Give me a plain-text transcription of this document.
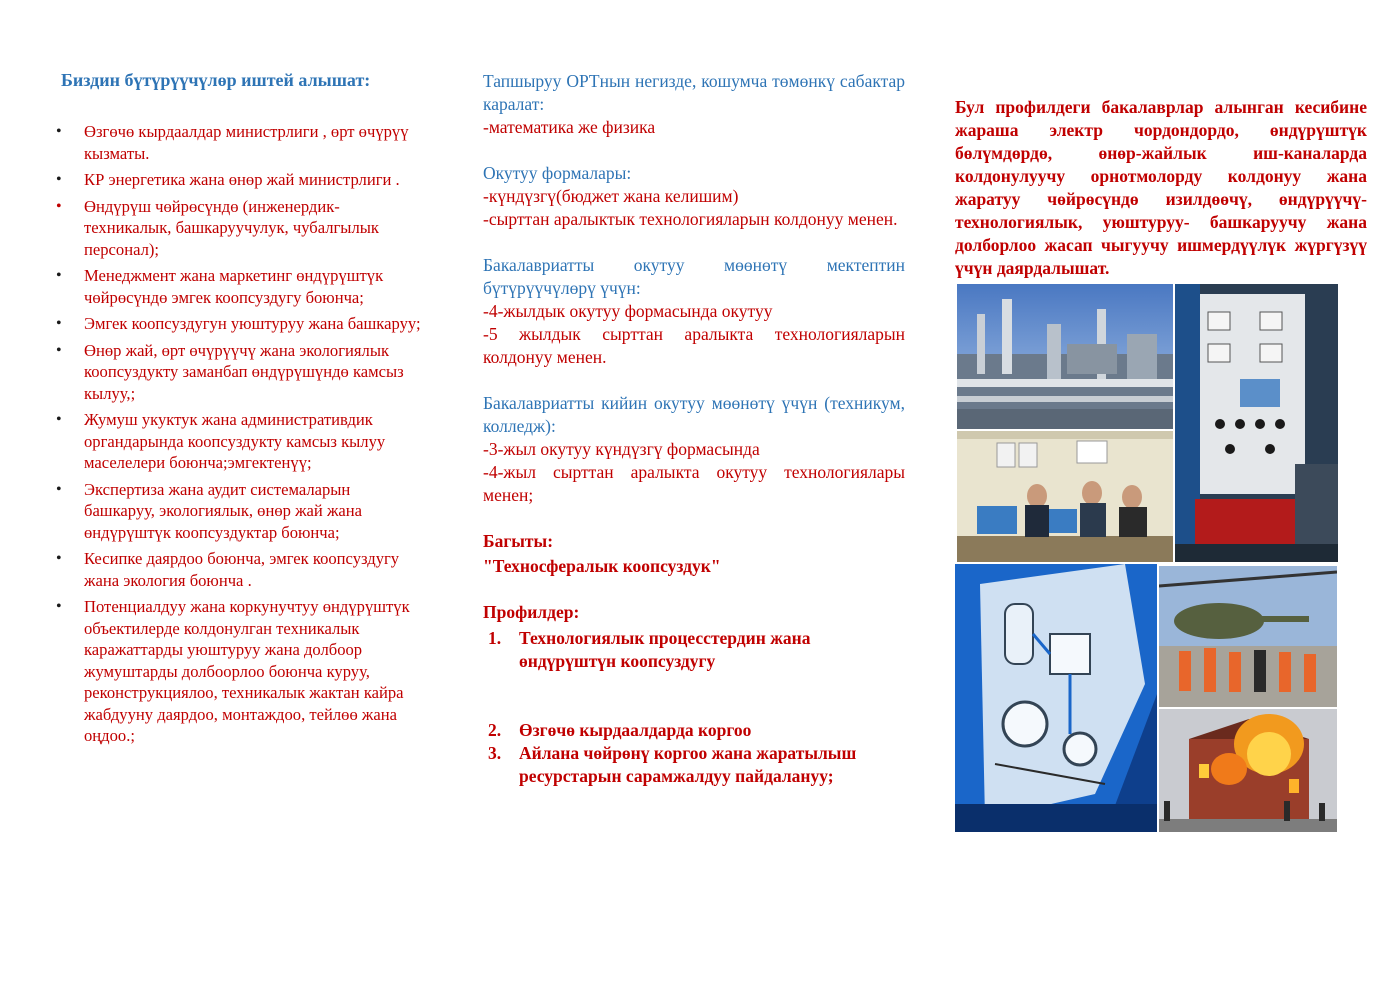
Биздин бүтүрүүчүлөр иштей алышат:
• Өзгөчө кырдаалдар министрлиги , өрт өчүрүү кызматы.
• КР энергетика жана өнөр жай министрлиги .
• Өндүрүш чөйрөсүндө (инженердик-техникалык, башкаруучулук, чубалгылык персонал);
• Менеджмент жана маркетинг өндүрүштүк чөйрөсүндө эмгек коопсуздугу боюнча;
• Эмгек коопсуздугун уюштуруу жана башкаруу;
• Өнөр жай, өрт өчүрүүчү жана экологиялык коопсуздукту заманбап өндүрүшүндө камсыз кылуу,;
• Жумуш укуктук жана административдик органдарында коопсуздукту камсыз кылуу маселелери боюнча;эмгектенүү;
• Экспертиза жана аудит системаларын башкаруу, экологиялык, өнөр жай жана өндүрүштүк коопсуздуктар боюнча;
• Кесипке даярдоо боюнча, эмгек коопсуздугу жана экология боюнча .
• Потенциалдуу жана коркунучтуу өндүрүштүк объектилерде колдонулган техникалык каражаттарды уюштуруу жана долбоор жумуштарды долбоорлоо боюнча куруу, реконструкциялоо, техникалык жактан кайра жабдууну даярдоо, монтаждоо, тейлөө жана оңдоо.;

Тапшыруу ОРТнын негизде, кошумча төмөнкү сабактар каралат:

-математика же физика

Окутуу формалары:

-күндүзгү(бюджет жана келишим)

-сырттан аралыктык технологияларын колдонуу менен.

Бакалавриатты окутуу мөөнөтү мектептин бүтүрүүчүлөрү үчүн:

-4-жылдык окутуу формасында окутуу

-5 жылдык сырттан аралыкта технологияларын колдонуу менен.

Бакалавриатты кийин окутуу мөөнөтү үчүн (техникум, колледж):

-3-жыл окутуу күндүзгү формасында

-4-жыл сырттан аралыкта окутуу технологиялары менен;

Багыты:

"Техносфералык коопсуздук"

Профилдер:

1. Технологиялык процесстердин жана өндүрүштүн коопсуздугу
2. Өзгөчө кырдаалдарда коргоо
3. Айлана чөйрөнү коргоо жана жаратылыш ресурстарын сарамжалдуу пайдалануу;

Бул профилдеги бакалаврлар алынган кесибине жараша электр чордондордо, өндүрүштүк бөлүмдөрдө, өнөр-жайлык иш-каналарда колдонулуучу орнотмолорду колдонуу жана жаратуу чөйрөсүндө изилдөөчү, өндүрүүчү-технологиялык, уюштуруу- башкаруучу жана долборлоо жасап чыгуучу ишмердүүлүк жүргүзүү үчүн даярдалышат.
